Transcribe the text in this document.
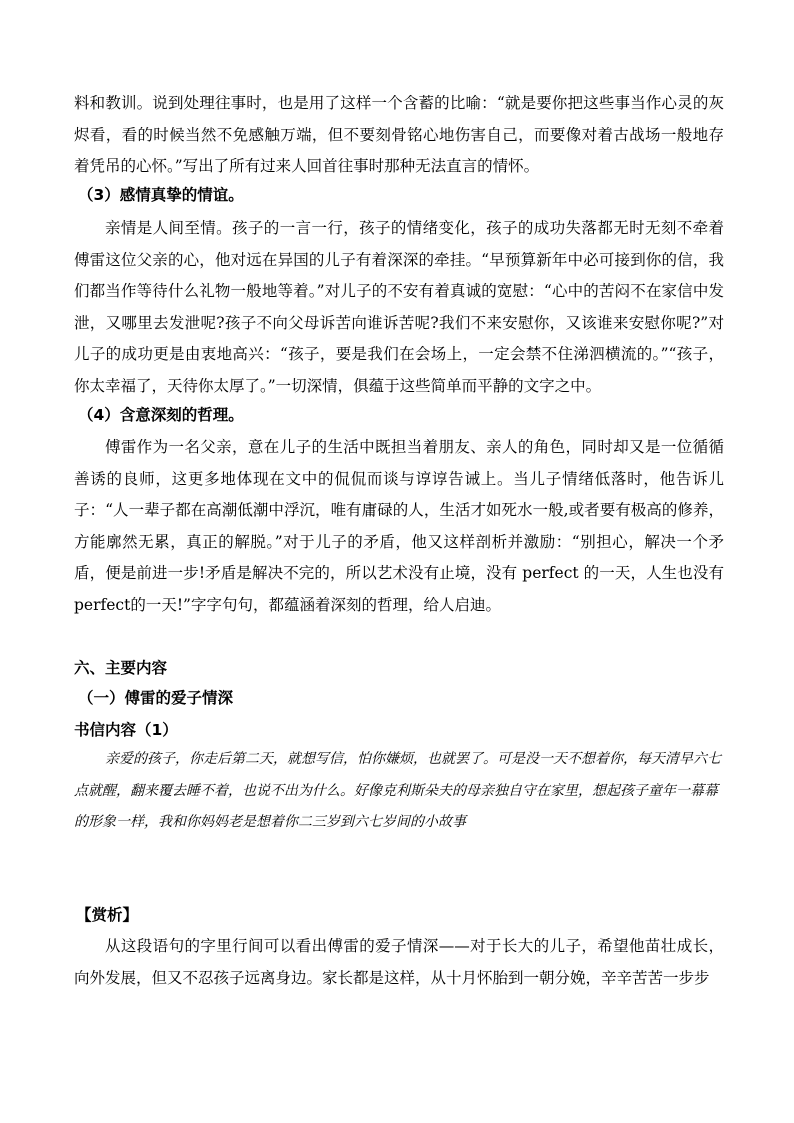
料和教训。说到处理往事时，也是用了这样一个含蓄的比喻：“就是要你把这些事当作心灵的灰烬看，看的时候当然不免感触万端，但不要刻骨铭心地伤害自己，而要像对着古战场一般地存着凭吊的心怀。”写出了所有过来人回首往事时那种无法直言的情怀。

（3）感情真挚的情谊。

亲情是人间至情。孩子的一言一行，孩子的情绪变化，孩子的成功失落都无时无刻不牵着傅雷这位父亲的心，他对远在异国的儿子有着深深的牵挂。“早预算新年中必可接到你的信，我们都当作等待什么礼物一般地等着。”对儿子的不安有着真诚的宽慰：“心中的苦闷不在家信中发泄，又哪里去发泄呢?孩子不向父母诉苦向谁诉苦呢?我们不来安慰你，又该谁来安慰你呢?”对儿子的成功更是由衷地高兴：“孩子，要是我们在会场上，一定会禁不住涕泗横流的。”“孩子，你太幸福了，天待你太厚了。”一切深情，俱蕴于这些简单而平静的文字之中。

（4）含意深刻的哲理。

傅雷作为一名父亲，意在儿子的生活中既担当着朋友、亲人的角色，同时却又是一位循循善诱的良师，这更多地体现在文中的侃侃而谈与谆谆告诫上。当儿子情绪低落时，他告诉儿子：“人一辈子都在高潮低潮中浮沉，唯有庸碌的人，生活才如死水一般,或者要有极高的修养，方能廓然无累，真正的解脱。”对于儿子的矛盾，他又这样剖析并激励：“别担心，解决一个矛盾，便是前进一步!矛盾是解决不完的，所以艺术没有止境，没有 perfect 的一天，人生也没有 perfect的一天!”字字句句，都蕴涵着深刻的哲理，给人启迪。

六、主要内容

（一）傅雷的爱子情深

书信内容（1）

亲爱的孩子，你走后第二天，就想写信，怕你嫌烦，也就罢了。可是没一天不想着你，每天清早六七点就醒，翻来覆去睡不着，也说不出为什么。好像克利斯朵夫的母亲独自守在家里，想起孩子童年一幕幕的形象一样，我和你妈妈老是想着你二三岁到六七岁间的小故事

【赏析】

从这段语句的字里行间可以看出傅雷的爱子情深——对于长大的儿子，希望他苗壮成长，向外发展，但又不忍孩子远离身边。家长都是这样，从十月怀胎到一朝分娩，辛辛苦苦一步步
